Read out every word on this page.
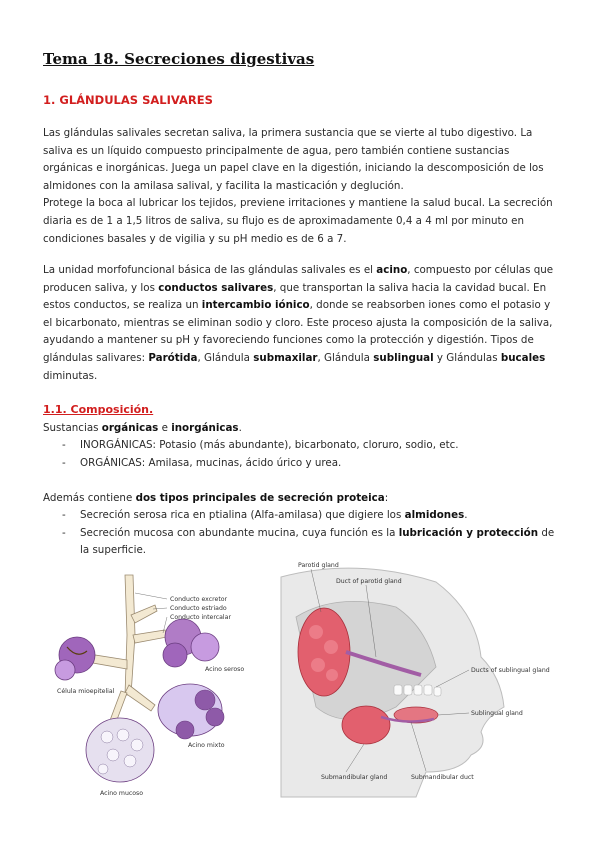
Tema 18. Secreciones digestivas
1. GLÁNDULAS SALIVARES
Las glándulas salivales secretan saliva, la primera sustancia que se vierte al tubo digestivo. La saliva es un líquido compuesto principalmente de agua, pero también contiene sustancias orgánicas e inorgánicas. Juega un papel clave en la digestión, iniciando la descomposición de los almidones con la amilasa salival, y facilita la masticación y deglución.
Protege la boca al lubricar los tejidos, previene irritaciones y mantiene la salud bucal. La secreción diaria es de 1 a 1,5 litros de saliva, su flujo es de aproximadamente 0,4 a 4 ml por minuto en condiciones basales y de vigilia y su pH medio es de 6 a 7.
La unidad morfofuncional básica de las glándulas salivales es el acino, compuesto por células que producen saliva, y los conductos salivares, que transportan la saliva hacia la cavidad bucal. En estos conductos, se realiza un intercambio iónico, donde se reabsorben iones como el potasio y el bicarbonato, mientras se eliminan sodio y cloro. Este proceso ajusta la composición de la saliva, ayudando a mantener su pH y favoreciendo funciones como la protección y digestión. Tipos de glándulas salivares: Parótida, Glándula submaxilar, Glándula sublingual y Glándulas bucales diminutas.
1.1. Composición.
Sustancias orgánicas e inorgánicas.
- INORGÁNICAS: Potasio (más abundante), bicarbonato, cloruro, sodio, etc.
- ORGÁNICAS: Amilasa, mucinas, ácido úrico y urea.
Además contiene dos tipos principales de secreción proteica:
- Secreción serosa rica en ptialina (Alfa-amilasa) que digiere los almidones.
- Secreción mucosa con abundante mucina, cuya función es la lubricación y protección de la superficie.
Conducto excretor
Conducto estriado
Conducto intercalar
Acino seroso
Célula mioepitelial
Acino mixto
Acino mucoso
Parotid gland
Duct of parotid gland
Ducts of sublingual gland
Sublingual gland
Submandibular gland	Submandibular duct
